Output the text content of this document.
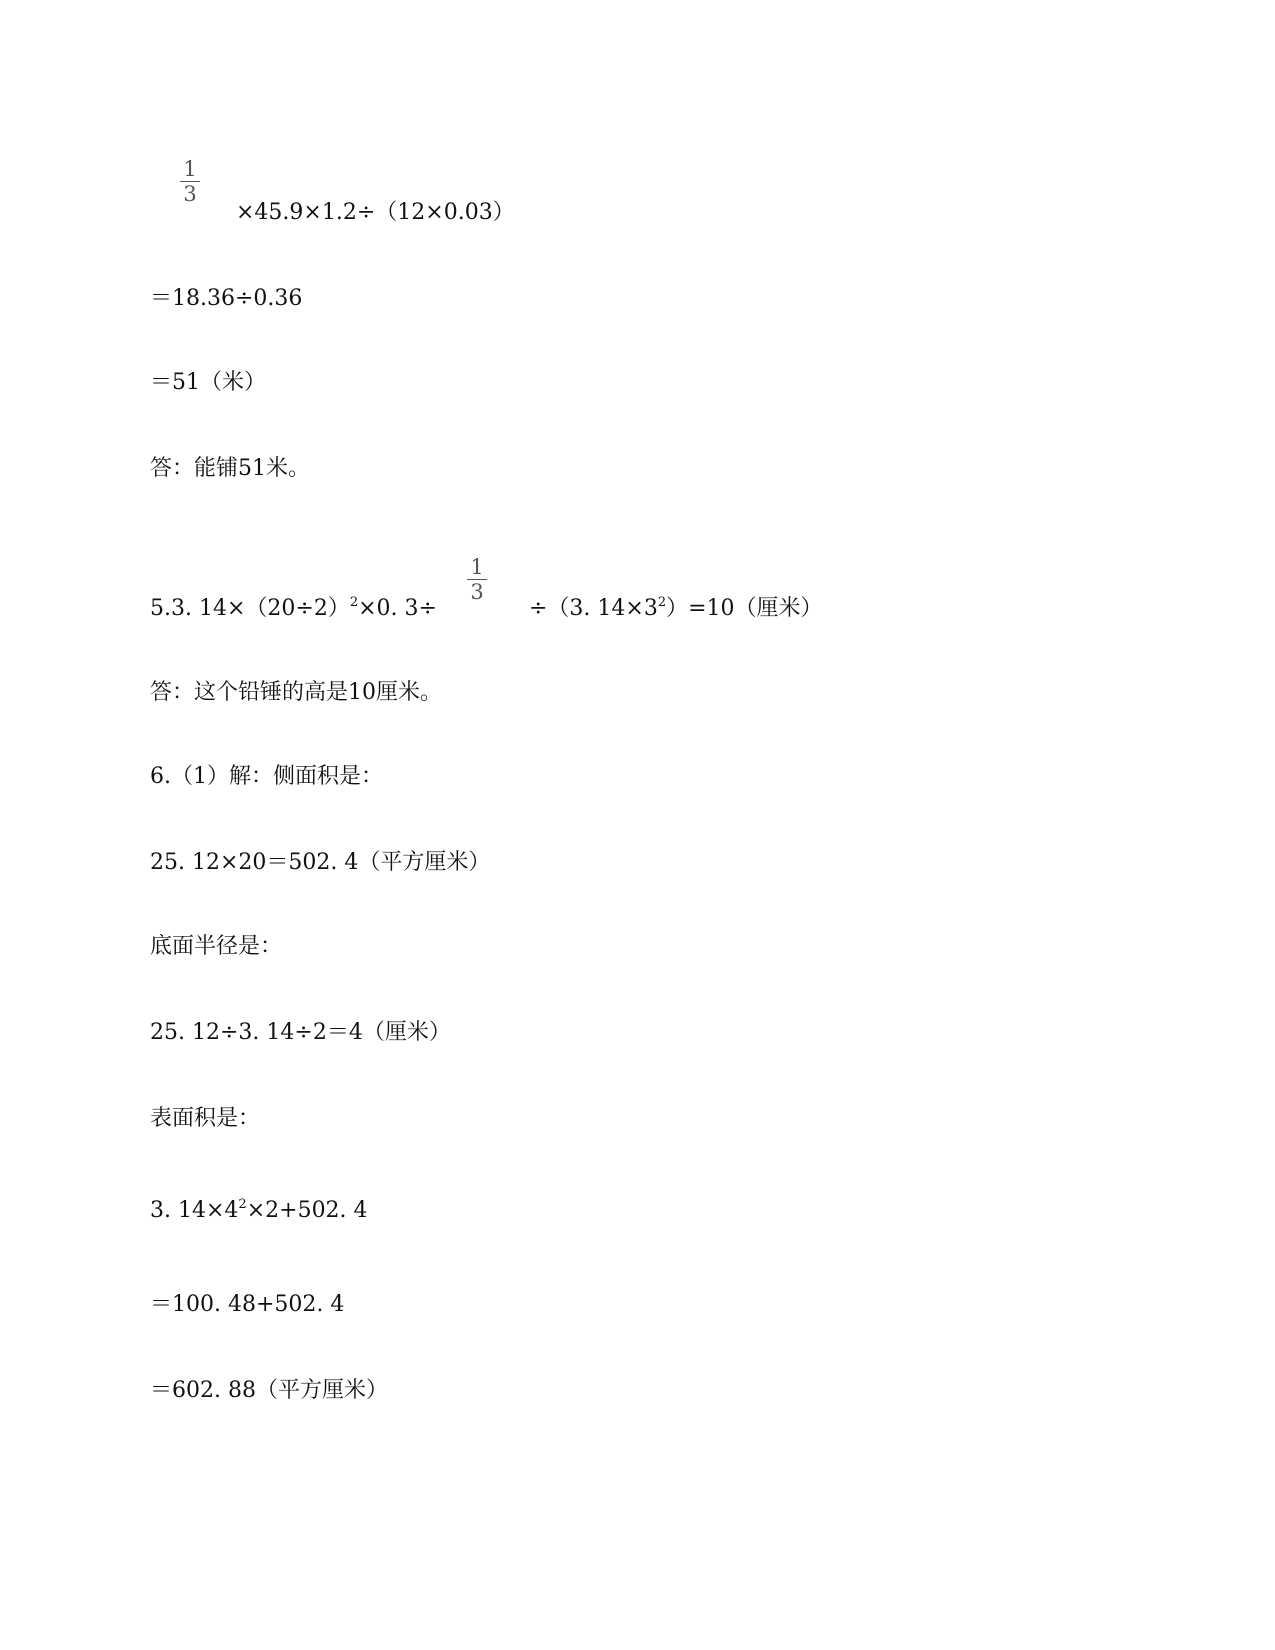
1
3
×45.9×1.2÷（12×0.03）
＝18.36÷0.36
＝51（米）
答：能铺51米。
5.3. $14\times(20\div 2)^2\times 0$. 3÷	÷（3. $14\times 3^2)=10$（厘米）
1
3
答：这个铅锤的高是10厘米。
6.（1）解：侧面积是：
25. 12×20＝502. 4（平方厘米）
底面半径是：
25. 12÷3. 14÷2＝4（厘米）
表面积是：
3. $14\times 4^2\times 2+502$. 4
＝100. 48+502. 4
＝602. 88（平方厘米）
